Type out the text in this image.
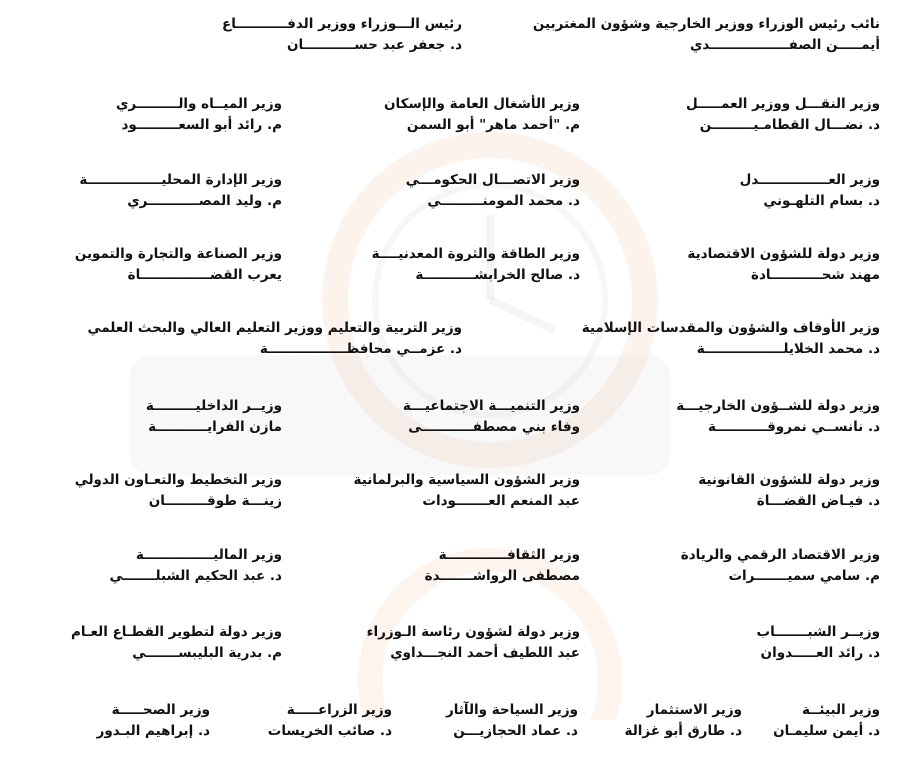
نائب رئيس الوزراء ووزير الخارجية وشؤون المغتربين
أيمـــــن الصفـــــــــــــــــدي
رئيس الـــوزراء ووزير الدفـــــــــــاع
د. جعفر عبد حســـــــــــان
وزير النقـــل ووزير العمـــــل
د. نضـــال القطامـيـــــــــن
وزير الأشغال العامة والإسكان
م. "أحمد ماهر" أبو السمن
وزير الميــاه والـــــــــري
م. رائد أبو السعـــــــــود
وزير العـــــــــــــــدل
د. بسام التلهـوني
وزير الاتصـــال الحكومـــي
د. محمد المومنـــــــــي
وزير الإدارة المحليــــــــــــــــة
م. وليد المصـــــــــــري
وزير دولة للشؤون الاقتصادية
مهند شحـــــــــــادة
وزير الطاقة والثروة المعدنيــــة
د. صالح الخرابشـــــــــــة
وزير الصناعة والتجارة والتموين
يعرب القضـــــــــــــــاة
وزير الأوقاف والشؤون والمقدسات الإسلامية
د. محمد الخلايلـــــــــــــــــة
وزير التربية والتعليم ووزير التعليم العالي والبحث العلمي
د. عزمــي محافظـــــــــــــــــة
وزير دولة للشــؤون الخارجيـــة
د. نانســي نمروقـــــــــــة
وزير التنميـــة الاجتماعيـــة
وفاء بني مصطفـــــــــــى
وزيــر الداخليـــــــــة
مازن الفرايـــــــــــة
وزير دولة للشؤون القانونية
د. فيـاض القضـــاة
وزير الشؤون السياسية والبرلمانية
عبد المنعم العـــــــودات
وزير التخطيط والتعـاون الدولي
زينـــة طوقـــــــــان
وزير الاقتصاد الرقمي والريادة
م. سامي سميـــــــرات
وزير الثقافـــــــــــــة
مصطفى الرواشـــــــدة
وزير الماليـــــــــــــــة
د. عبد الحكيم الشبلـــــــي
وزيــر الشبـــــــاب
د. رائد العـــــدوان
وزير دولة لشؤون رئاسة الـوزراء
عبد اللطيف أحمد النجـــداوي
وزير دولة لتطوير القطـاع العـام
م. بدرية البليبســـــــي
وزير البيئــة
د. أيمن سليمـان
وزير الاستثمار
د. طارق أبو غزالة
وزير السياحة والآثار
د. عماد الحجازيـــن
وزير الزراعـــــة
د. صائب الخريسات
وزير الصحـــــة
د. إبراهيم البـدور
